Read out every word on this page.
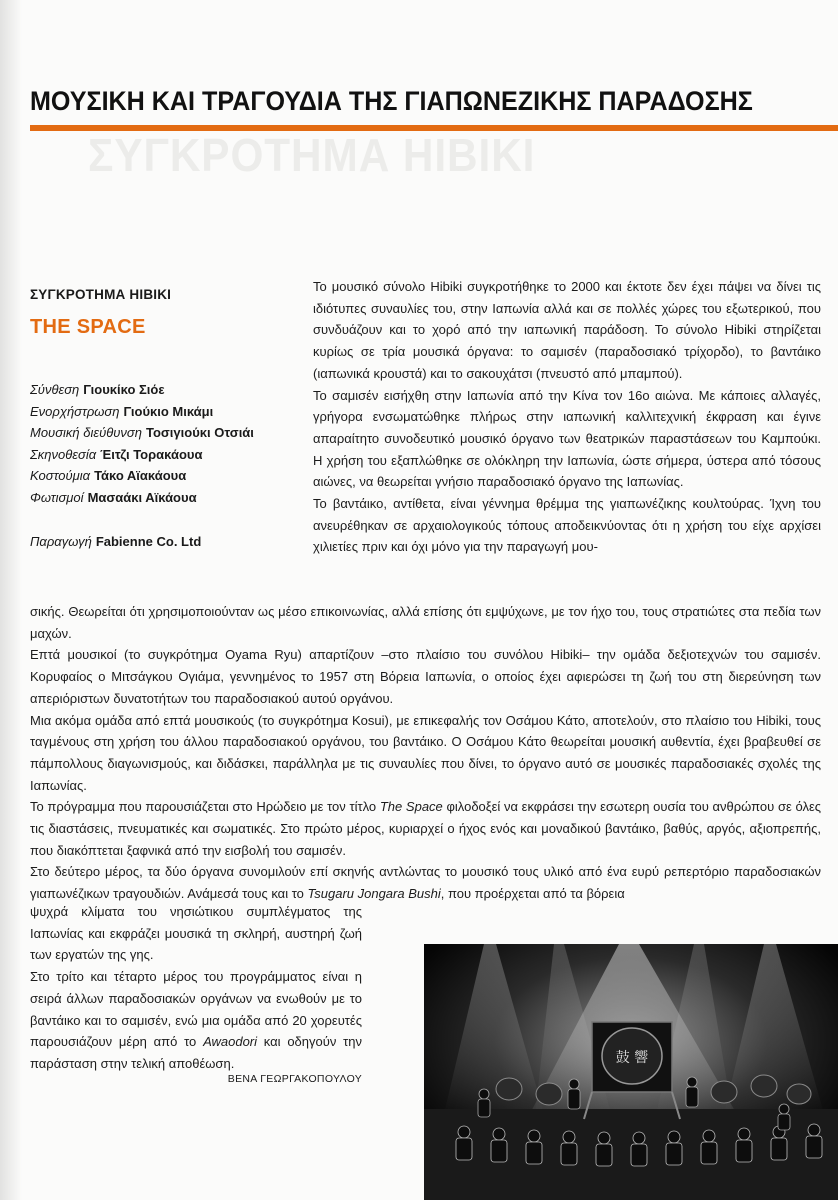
ΜΟΥΣΙΚΗ ΚΑΙ ΤΡΑΓΟΥΔΙΑ ΤΗΣ ΓΙΑΠΩΝΕΖΙΚΗΣ ΠΑΡΑΔΟΣΗΣ
ΣΥΓΚΡΟΤΗΜΑ HIBIKI

ΣΥΓΚΡΟΤΗΜΑ HIBIKI

THE SPACE

Σύνθεση Γιουκίκο Σιόε
Ενορχήστρωση Γιούκιο Μικάμι
Μουσική διεύθυνση Τοσιγιούκι Οτσιάι
Σκηνοθεσία Έιτζι Τορακάουα
Κοστούμια Τάκο Αϊακάουα
Φωτισμοί Μασαάκι Αϊκάουα
Παραγωγή Fabienne Co. Ltd

Το μουσικό σύνολο Hibiki συγκροτήθηκε το 2000 και έκτοτε δεν έχει πάψει να δίνει τις ιδιότυπες συναυλίες του, στην Ιαπωνία αλλά και σε πολλές χώρες του εξωτερικού, που συνδυάζουν και το χορό από την ιαπωνική παράδοση. Το σύνολο Hibiki στηρίζεται κυρίως σε τρία μουσικά όργανα: το σαμισέν (παραδοσιακό τρίχορδο), το βαντάικο (ιαπωνικά κρουστά) και το σακουχάτσι (πνευστό από μπαμπού).

Το σαμισέν εισήχθη στην Ιαπωνία από την Κίνα τον 16ο αιώνα. Με κάποιες αλλαγές, γρήγορα ενσωματώθηκε πλήρως στην ιαπωνική καλλιτεχνική έκφραση και έγινε απαραίτητο συνοδευτικό μουσικό όργανο των θεατρικών παραστάσεων του Καμπούκι. Η χρήση του εξαπλώθηκε σε ολόκληρη την Ιαπωνία, ώστε σήμερα, ύστερα από τόσους αιώνες, να θεωρείται γνήσιο παραδοσιακό όργανο της Ιαπωνίας.

Το βαντάικο, αντίθετα, είναι γέννημα θρέμμα της γιαπωνέζικης κουλτούρας. Ίχνη του ανευρέθηκαν σε αρχαιολογικούς τόπους αποδεικνύοντας ότι η χρήση του είχε αρχίσει χιλιετίες πριν και όχι μόνο για την παραγωγή μου-

σικής. Θεωρείται ότι χρησιμοποιούνταν ως μέσο επικοινωνίας, αλλά επίσης ότι εμψύχωνε, με τον ήχο του, τους στρατιώτες στα πεδία των μαχών.

Επτά μουσικοί (το συγκρότημα Oyama Ryu) απαρτίζουν –στο πλαίσιο του συνόλου Hibiki– την ομάδα δεξιοτεχνών του σαμισέν. Κορυφαίος ο Μιτσάγκου Ογιάμα, γεννημένος το 1957 στη Βόρεια Ιαπωνία, ο οποίος έχει αφιερώσει τη ζωή του στη διερεύνηση των απεριόριστων δυνατοτήτων του παραδοσιακού αυτού οργάνου.

Μια ακόμα ομάδα από επτά μουσικούς (το συγκρότημα Kosui), με επικεφαλής τον Οσάμου Κάτο, αποτελούν, στο πλαίσιο του Hibiki, τους ταγμένους στη χρήση του άλλου παραδοσιακού οργάνου, του βαντάικο. Ο Οσάμου Κάτο θεωρείται μουσική αυθεντία, έχει βραβευθεί σε πάμπολλους διαγωνισμούς, και διδάσκει, παράλληλα με τις συναυλίες που δίνει, το όργανο αυτό σε μουσικές παραδοσιακές σχολές της Ιαπωνίας.

Το πρόγραμμα που παρουσιάζεται στο Ηρώδειο με τον τίτλο The Space φιλοδοξεί να εκφράσει την εσωτερη ουσία του ανθρώπου σε όλες τις διαστάσεις, πνευματικές και σωματικές. Στο πρώτο μέρος, κυριαρχεί ο ήχος ενός και μοναδικού βαντάικο, βαθύς, αργός, αξιοπρεπής, που διακόπτεται ξαφνικά από την εισβολή του σαμισέν.

Στο δεύτερο μέρος, τα δύο όργανα συνομιλούν επί σκηνής αντλώντας το μουσικό τους υλικό από ένα ευρύ ρεπερτόριο παραδοσιακών γιαπωνέζικων τραγουδιών. Ανάμεσά τους και το Tsugaru Jongara Bushi, που προέρχεται από τα βόρεια

ψυχρά κλίματα του νησιώτικου συμπλέγματος της Ιαπωνίας και εκφράζει μουσικά τη σκληρή, αυστηρή ζωή των εργατών της γης.

Στο τρίτο και τέταρτο μέρος του προγράμματος είναι η σειρά άλλων παραδοσιακών οργάνων να ενωθούν με το βαντάικο και το σαμισέν, ενώ μια ομάδα από 20 χορευτές παρουσιάζουν μέρη από το Awaodori και οδηγούν την παράσταση στην τελική αποθέωση.

ΒΕΝΑ ΓΕΩΡΓΑΚΟΠΟΥΛΟΥ
鼓 響
